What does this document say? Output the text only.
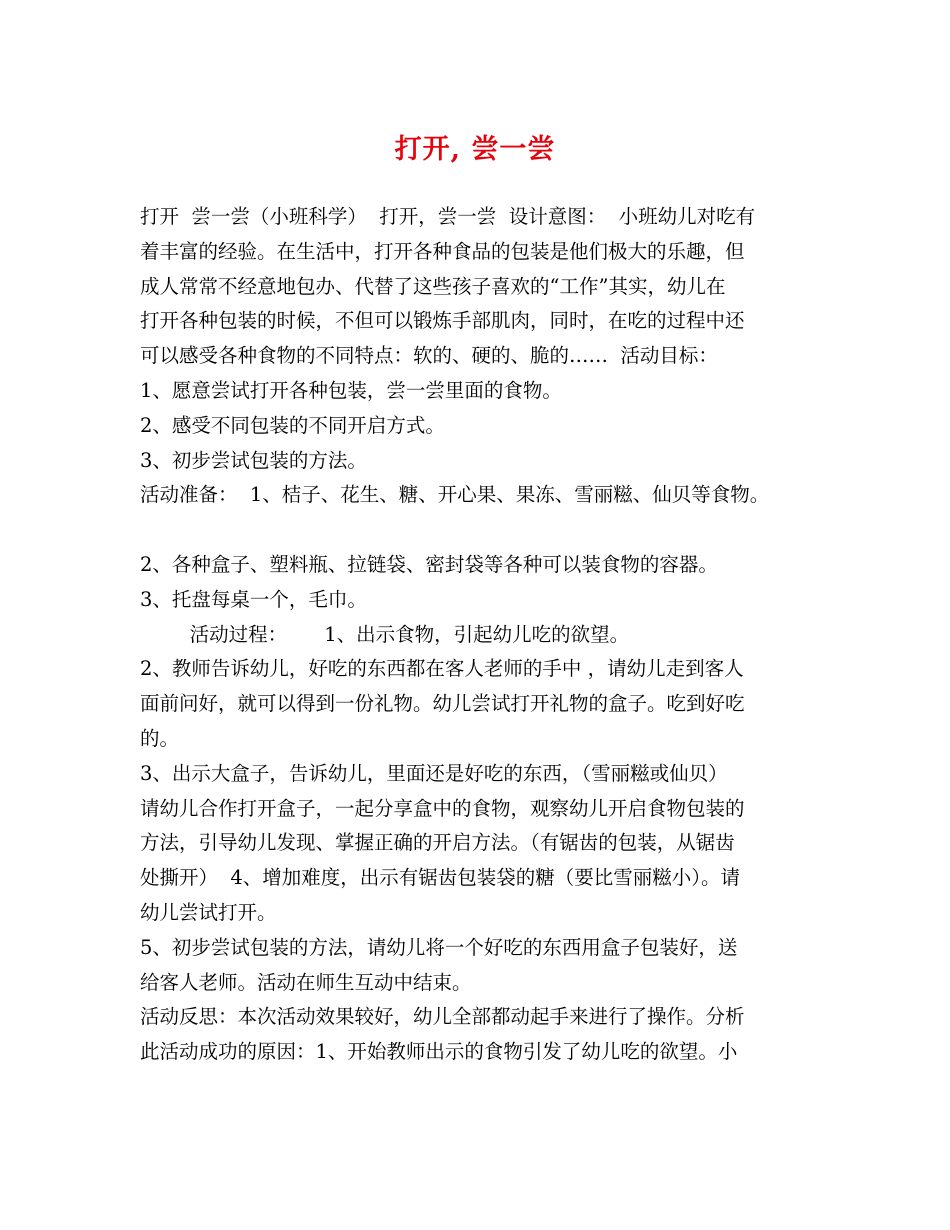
打开, 尝一尝
打开  尝一尝（小班科学）  打开，尝一尝  设计意图：  小班幼儿对吃有
着丰富的经验。在生活中，打开各种食品的包装是他们极大的乐趣，但
成人常常不经意地包办、代替了这些孩子喜欢的“工作”其实，幼儿在
打开各种包装的时候，不但可以锻炼手部肌肉，同时，在吃的过程中还
可以感受各种食物的不同特点：软的、硬的、脆的……  活动目标：
1、愿意尝试打开各种包装，尝一尝里面的食物。
2、感受不同包装的不同开启方式。
3、初步尝试包装的方法。
活动准备：  1、桔子、花生、糖、开心果、果冻、雪丽糍、仙贝等食物。
2、各种盒子、塑料瓶、拉链袋、密封袋等各种可以装食物的容器。
3、托盘每桌一个，毛巾。
活动过程：      1、出示食物，引起幼儿吃的欲望。
2、教师告诉幼儿，好吃的东西都在客人老师的手中 ，请幼儿走到客人
面前问好，就可以得到一份礼物。幼儿尝试打开礼物的盒子。吃到好吃
的。
3、出示大盒子，告诉幼儿，里面还是好吃的东西，（雪丽糍或仙贝）
请幼儿合作打开盒子，一起分享盒中的食物，观察幼儿开启食物包装的
方法，引导幼儿发现、掌握正确的开启方法。（有锯齿的包装，从锯齿
处撕开）  4、增加难度，出示有锯齿包装袋的糖（要比雪丽糍小）。请
幼儿尝试打开。
5、初步尝试包装的方法，请幼儿将一个好吃的东西用盒子包装好，送
给客人老师。活动在师生互动中结束。
活动反思：本次活动效果较好，幼儿全部都动起手来进行了操作。分析
此活动成功的原因：1、开始教师出示的食物引发了幼儿吃的欲望。小
